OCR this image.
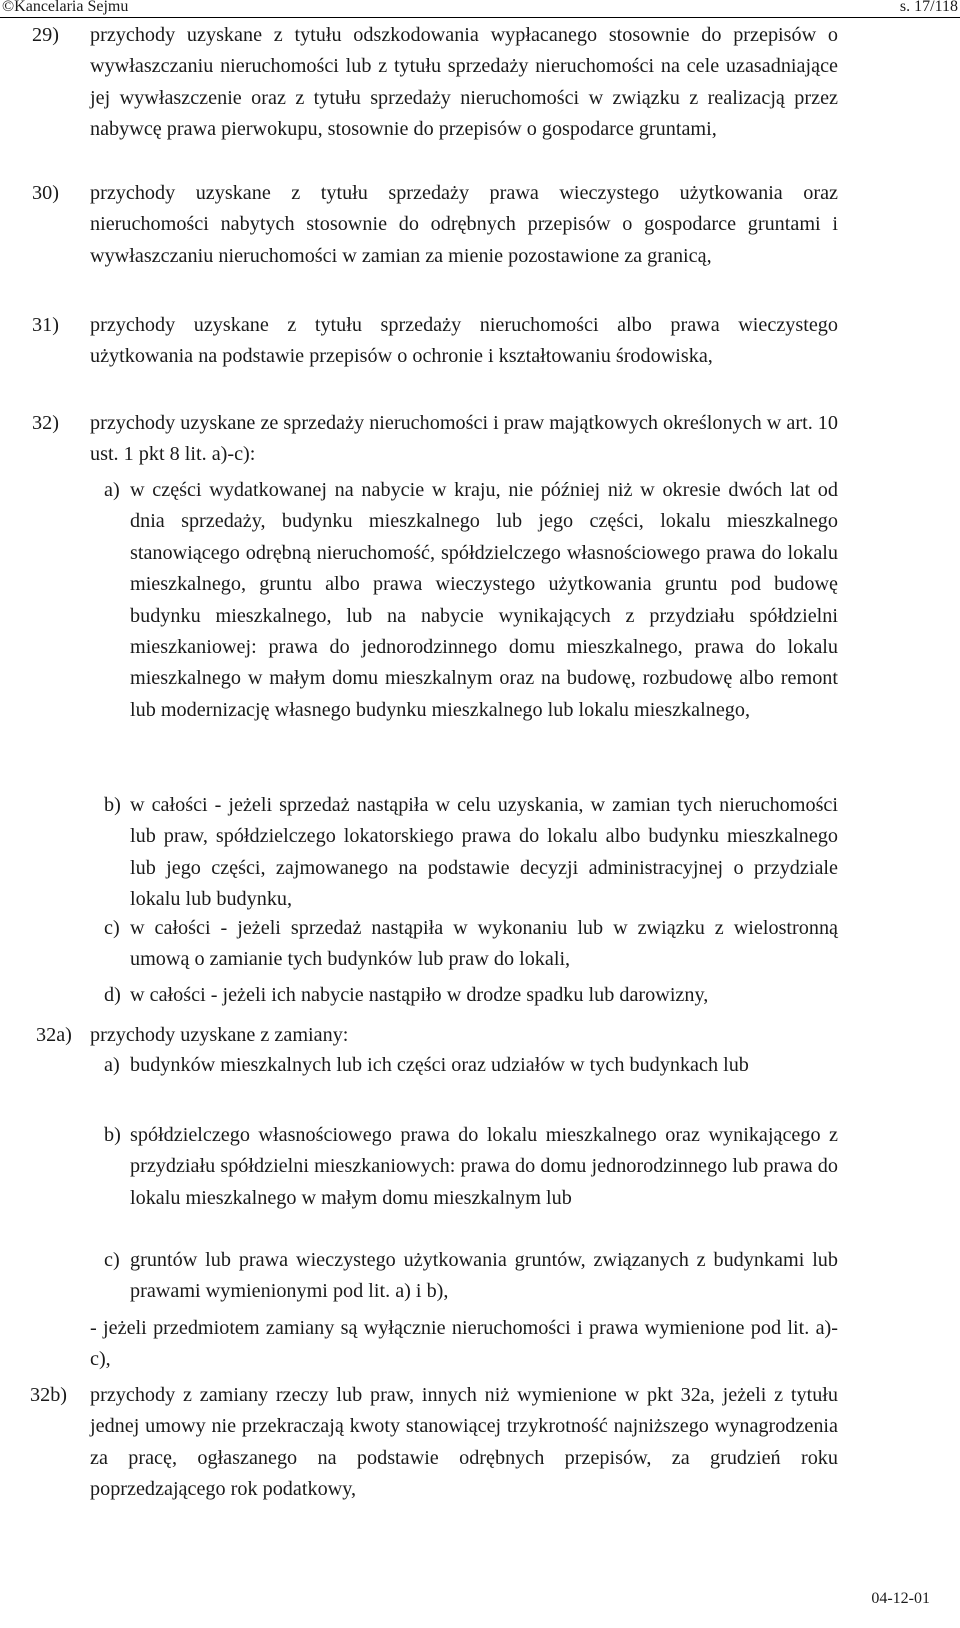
©Kancelaria Sejmu	s. 17/118
29) przychody uzyskane z tytułu odszkodowania wypłacanego stosownie do przepisów o wywłaszczaniu nieruchomości lub z tytułu sprzedaży nieruchomości na cele uzasadniające jej wywłaszczenie oraz z tytułu sprzedaży nieruchomości w związku z realizacją przez nabywcę prawa pierwokupu, stosownie do przepisów o gospodarce gruntami,
30) przychody uzyskane z tytułu sprzedaży prawa wieczystego użytkowania oraz nieruchomości nabytych stosownie do odrębnych przepisów o gospodarce gruntami i wywłaszczaniu nieruchomości w zamian za mienie pozostawione za granicą,
31) przychody uzyskane z tytułu sprzedaży nieruchomości albo prawa wieczystego użytkowania na podstawie przepisów o ochronie i kształtowaniu środowiska,
32) przychody uzyskane ze sprzedaży nieruchomości i praw majątkowych określonych w art. 10 ust. 1 pkt 8 lit. a)-c):
a) w części wydatkowanej na nabycie w kraju, nie później niż w okresie dwóch lat od dnia sprzedaży, budynku mieszkalnego lub jego części, lokalu mieszkalnego stanowiącego odrębną nieruchomość, spółdzielczego własnościowego prawa do lokalu mieszkalnego, gruntu albo prawa wieczystego użytkowania gruntu pod budowę budynku mieszkalnego, lub na nabycie wynikających z przydziału spółdzielni mieszkaniowej: prawa do jednorodzinnego domu mieszkalnego, prawa do lokalu mieszkalnego w małym domu mieszkalnym oraz na budowę, rozbudowę albo remont lub modernizację własnego budynku mieszkalnego lub lokalu mieszkalnego,
b) w całości - jeżeli sprzedaż nastąpiła w celu uzyskania, w zamian tych nieruchomości lub praw, spółdzielczego lokatorskiego prawa do lokalu albo budynku mieszkalnego lub jego części, zajmowanego na podstawie decyzji administracyjnej o przydziale lokalu lub budynku,
c) w całości - jeżeli sprzedaż nastąpiła w wykonaniu lub w związku z wielostronną umową o zamianie tych budynków lub praw do lokali,
d) w całości - jeżeli ich nabycie nastąpiło w drodze spadku lub darowizny,
32a) przychody uzyskane z zamiany:
a) budynków mieszkalnych lub ich części oraz udziałów w tych budynkach lub
b) spółdzielczego własnościowego prawa do lokalu mieszkalnego oraz wynikającego z przydziału spółdzielni mieszkaniowych: prawa do domu jednorodzinnego lub prawa do lokalu mieszkalnego w małym domu mieszkalnym lub
c) gruntów lub prawa wieczystego użytkowania gruntów, związanych z budynkami lub prawami wymienionymi pod lit. a) i b),
- jeżeli przedmiotem zamiany są wyłącznie nieruchomości i prawa wymienione pod lit. a)-c),
32b) przychody z zamiany rzeczy lub praw, innych niż wymienione w pkt 32a, jeżeli z tytułu jednej umowy nie przekraczają kwoty stanowiącej trzykrotność najniższego wynagrodzenia za pracę, ogłaszanego na podstawie odrębnych przepisów, za grudzień roku poprzedzającego rok podatkowy,
04-12-01
